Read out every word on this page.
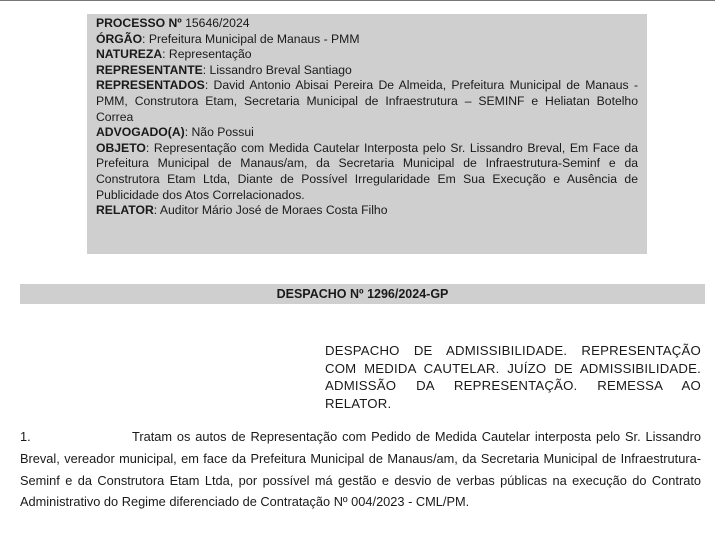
PROCESSO Nº 15646/2024

ÓRGÃO: Prefeitura Municipal de Manaus - PMM

NATUREZA: Representação

REPRESENTANTE: Lissandro Breval Santiago

REPRESENTADOS: David Antonio Abisai Pereira De Almeida, Prefeitura Municipal de Manaus - PMM, Construtora Etam, Secretaria Municipal de Infraestrutura – SEMINF e Heliatan Botelho Correa

ADVOGADO(A): Não Possui

OBJETO: Representação com Medida Cautelar Interposta pelo Sr. Lissandro Breval, Em Face da Prefeitura Municipal de Manaus/am, da Secretaria Municipal de Infraestrutura-Seminf e da Construtora Etam Ltda, Diante de Possível Irregularidade Em Sua Execução e Ausência de Publicidade dos Atos Correlacionados.

RELATOR: Auditor Mário José de Moraes Costa Filho

DESPACHO Nº 1296/2024-GP
DESPACHO DE ADMISSIBILIDADE. REPRESENTAÇÃO COM MEDIDA CAUTELAR. JUÍZO DE ADMISSIBILIDADE. ADMISSÃO DA REPRESENTAÇÃO. REMESSA AO RELATOR.
1.	Tratam os autos de Representação com Pedido de Medida Cautelar interposta pelo Sr. Lissandro Breval, vereador municipal, em face da Prefeitura Municipal de Manaus/am, da Secretaria Municipal de Infraestrutura- Seminf e da Construtora Etam Ltda, por possível má gestão e desvio de verbas públicas na execução do Contrato Administrativo do Regime diferenciado de Contratação Nº 004/2023 - CML/PM.
